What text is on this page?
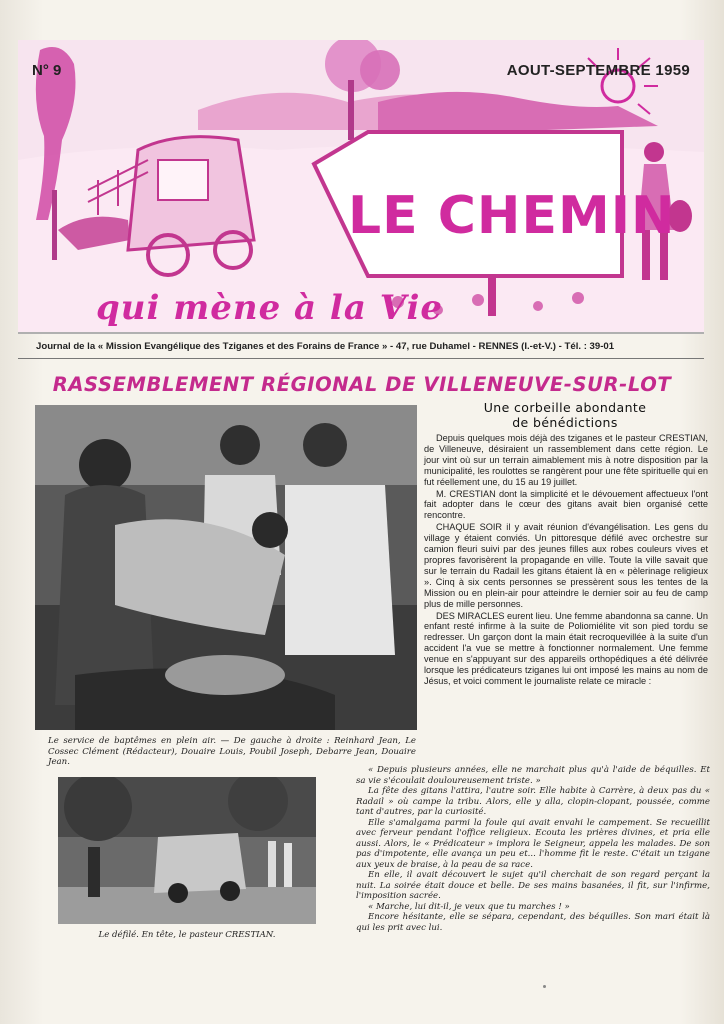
N° 9	AOUT-SEPTEMBRE 1959
LE CHEMIN
qui mène à la Vie
Journal de la « Mission Evangélique des Tziganes et des Forains de France » - 47, rue Duhamel - RENNES (I.-et-V.) - Tél. : 39-01
RASSEMBLEMENT RÉGIONAL DE VILLENEUVE-SUR-LOT
Le service de baptêmes en plein air. — De gauche à droite : Reinhard Jean, Le Cossec Clément (Rédacteur), Douaire Louis, Poubil Joseph, Debarre Jean, Douaire Jean.
Le défilé. En tête, le pasteur CRESTIAN.
Une corbeille abondante
de bénédictions

Depuis quelques mois déjà des tziganes et le pasteur CRESTIAN, de Villeneuve, désiraient un rassemblement dans cette région. Le jour vint où sur un terrain aimablement mis à notre disposition par la municipalité, les roulottes se rangèrent pour une fête spirituelle qui en fut réellement une, du 15 au 19 juillet.

M. CRESTIAN dont la simplicité et le dévouement affectueux l'ont fait adopter dans le cœur des gitans avait bien organisé cette rencontre.

CHAQUE SOIR il y avait réunion d'évangélisation. Les gens du village y étaient conviés. Un pittoresque défilé avec orchestre sur camion fleuri suivi par des jeunes filles aux robes couleurs vives et propres favorisèrent la propagande en ville. Toute la ville savait que sur le terrain du Radail les gitans étaient là en « pèlerinage religieux ». Cinq à six cents personnes se pressèrent sous les tentes de la Mission ou en plein-air pour atteindre le dernier soir au feu de camp plus de mille personnes.

DES MIRACLES eurent lieu. Une femme abandonna sa canne. Un enfant resté infirme à la suite de Poliomiélite vit son pied tordu se redresser. Un garçon dont la main était recroquevillée à la suite d'un accident l'a vue se mettre à fonctionner normalement. Une femme venue en s'appuyant sur des appareils orthopédiques a été délivrée lorsque les prédicateurs tziganes lui ont imposé les mains au nom de Jésus, et voici comment le journaliste relate ce miracle :

« Depuis plusieurs années, elle ne marchait plus qu'à l'aide de béquilles. Et sa vie s'écoulait douloureusement triste. »

La fête des gitans l'attira, l'autre soir. Elle habite à Carrère, à deux pas du « Radail » où campe la tribu. Alors, elle y alla, clopin-clopant, poussée, comme tant d'autres, par la curiosité.

Elle s'amalgama parmi la foule qui avait envahi le campement. Se recueillit avec ferveur pendant l'office religieux. Ecouta les prières divines, et pria elle aussi. Alors, le « Prédicateur » implora le Seigneur, appela les malades. De son pas d'impotente, elle avança un peu et... l'homme fit le reste. C'était un tzigane aux yeux de braise, à la peau de sa race.

En elle, il avait découvert le sujet qu'il cherchait de son regard perçant la nuit. La soirée était douce et belle. De ses mains basanées, il fit, sur l'infirme, l'imposition sacrée.

« Marche, lui dit-il, je veux que tu marches ! »

Encore hésitante, elle se sépara, cependant, des béquilles. Son mari était là qui les prit avec lui.
